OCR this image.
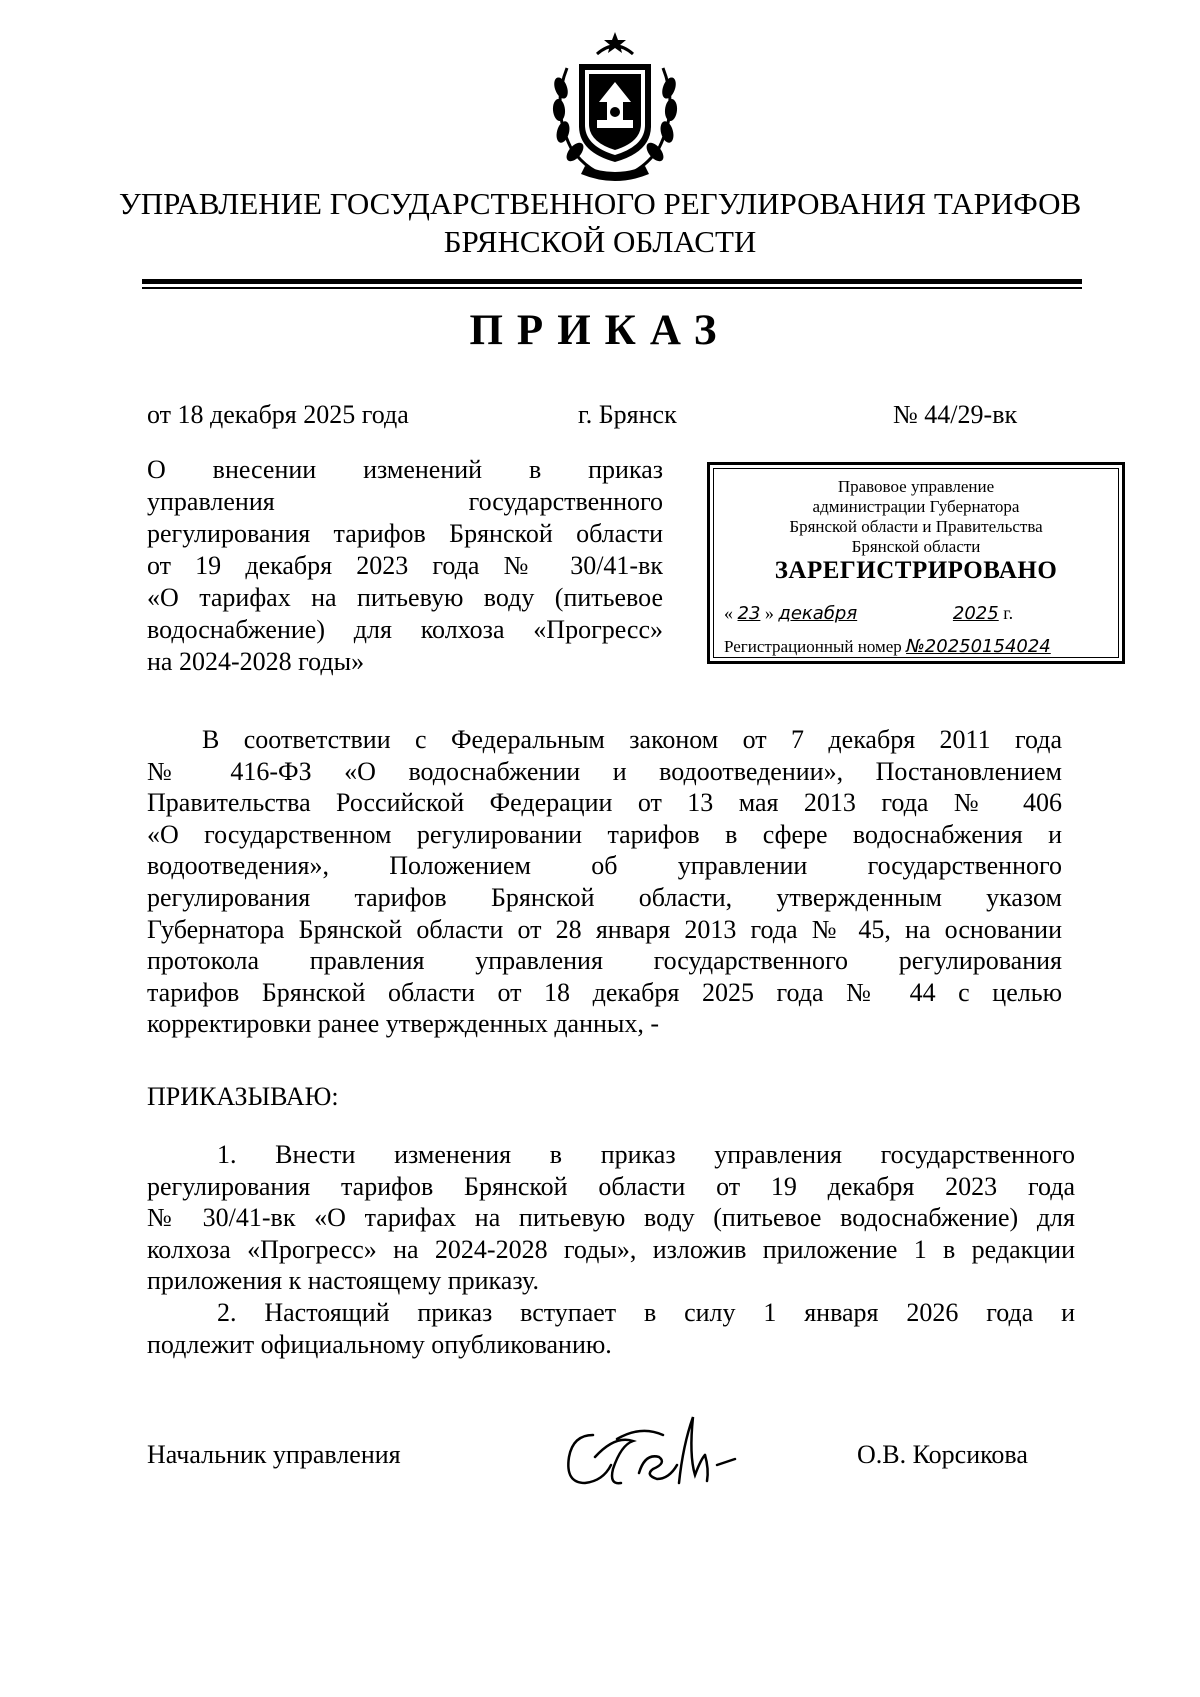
УПРАВЛЕНИЕ ГОСУДАРСТВЕННОГО РЕГУЛИРОВАНИЯ ТАРИФОВ
БРЯНСКОЙ ОБЛАСТИ
ПРИКАЗ
от 18 декабря 2025 года	г. Брянск	№ 44/29-вк
О внесении изменений в приказ
управления государственного
регулирования тарифов Брянской области
от 19 декабря 2023 года № 30/41-вк
«О тарифах на питьевую воду (питьевое
водоснабжение) для колхоза «Прогресс»
на 2024-2028 годы»
Правовое управление
администрации Губернатора
Брянской области и Правительства
Брянской области
ЗАРЕГИСТРИРОВАНО
« 23 » декабря	2025 г.
Регистрационный номер №20250154024
В соответствии с Федеральным законом от 7 декабря 2011 года
№ 416-ФЗ «О водоснабжении и водоотведении», Постановлением
Правительства Российской Федерации от 13 мая 2013 года № 406
«О государственном регулировании тарифов в сфере водоснабжения и
водоотведения», Положением об управлении государственного
регулирования тарифов Брянской области, утвержденным указом
Губернатора Брянской области от 28 января 2013 года № 45, на основании
протокола правления управления государственного регулирования
тарифов Брянской области от 18 декабря 2025 года № 44 с целью
корректировки ранее утвержденных данных, -
ПРИКАЗЫВАЮ:
1. Внести изменения в приказ управления государственного
регулирования тарифов Брянской области от 19 декабря 2023 года
№ 30/41-вк «О тарифах на питьевую воду (питьевое водоснабжение) для
колхоза «Прогресс» на 2024-2028 годы», изложив приложение 1 в редакции
приложения к настоящему приказу.
2. Настоящий приказ вступает в силу 1 января 2026 года и
подлежит официальному опубликованию.
Начальник управления	О.В. Корсикова
